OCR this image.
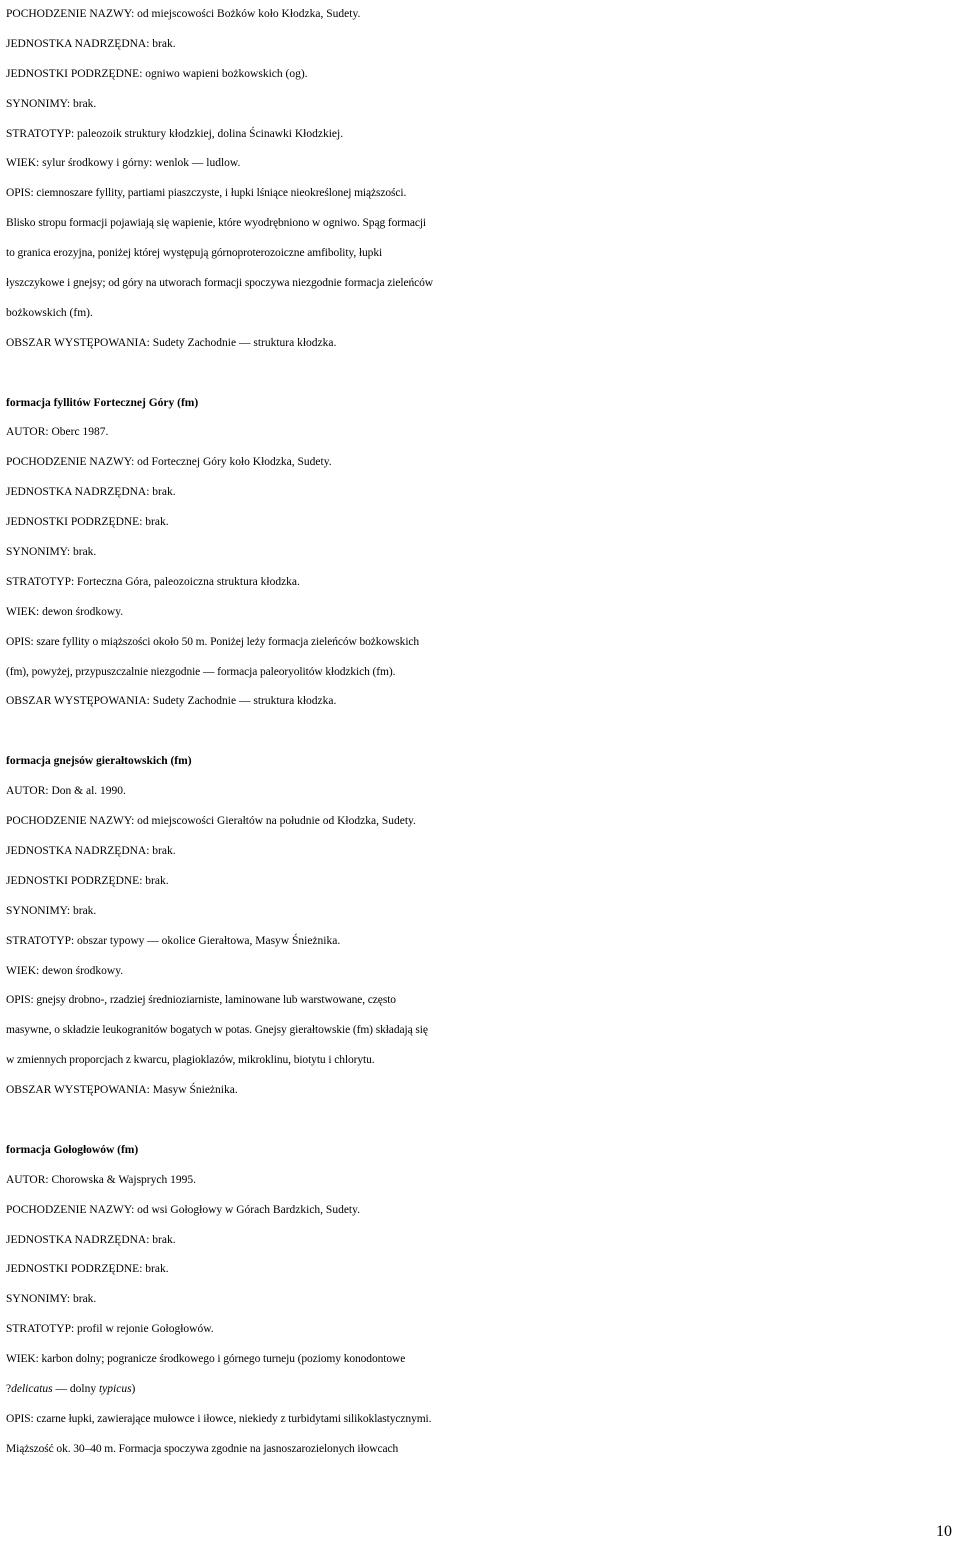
POCHODZENIE NAZWY: od miejscowości Bożków koło Kłodzka, Sudety.
JEDNOSTKA NADRZĘDNA: brak.
JEDNOSTKI PODRZĘDNE: ogniwo wapieni bożkowskich (og).
SYNONIMY: brak.
STRATOTYP: paleozoik struktury kłodzkiej, dolina Ścinawki Kłodzkiej.
WIEK: sylur środkowy i górny: wenlok — ludlow.
OPIS: ciemnoszare fyllity, partiami piaszczyste, i łupki lśniące nieokreślonej miąższości.
Blisko stropu formacji pojawiają się wapienie, które wyodrębniono w ogniwo. Spąg formacji
to granica erozyjna, poniżej której występują górnoproterozoiczne amfibolity, łupki
łyszczykowe i gnejsy; od góry na utworach formacji spoczywa niezgodnie formacja zieleńców
bożkowskich (fm).
OBSZAR WYSTĘPOWANIA: Sudety Zachodnie — struktura kłodzka.
formacja fyllitów Fortecznej Góry (fm)
AUTOR: Oberc 1987.
POCHODZENIE NAZWY: od Fortecznej Góry koło Kłodzka, Sudety.
JEDNOSTKA NADRZĘDNA: brak.
JEDNOSTKI PODRZĘDNE: brak.
SYNONIMY: brak.
STRATOTYP: Forteczna Góra, paleozoiczna struktura kłodzka.
WIEK: dewon środkowy.
OPIS: szare fyllity o miąższości około 50 m. Poniżej leży formacja zieleńców bożkowskich
(fm), powyżej, przypuszczalnie niezgodnie — formacja paleoryolitów kłodzkich (fm).
OBSZAR WYSTĘPOWANIA: Sudety Zachodnie — struktura kłodzka.
formacja gnejsów gierałtowskich (fm)
AUTOR: Don & al. 1990.
POCHODZENIE NAZWY: od miejscowości Gierałtów na południe od Kłodzka, Sudety.
JEDNOSTKA NADRZĘDNA: brak.
JEDNOSTKI PODRZĘDNE: brak.
SYNONIMY: brak.
STRATOTYP: obszar typowy — okolice Gierałtowa, Masyw Śnieżnika.
WIEK: dewon środkowy.
OPIS: gnejsy drobno-, rzadziej średnioziarniste, laminowane lub warstwowane, często
masywne, o składzie leukogranitów bogatych w potas. Gnejsy gierałtowskie (fm) składają się
w zmiennych proporcjach z kwarcu, plagioklazów, mikroklinu, biotytu i chlorytu.
OBSZAR WYSTĘPOWANIA: Masyw Śnieżnika.
formacja Gołogłowów (fm)
AUTOR: Chorowska & Wajsprych 1995.
POCHODZENIE NAZWY: od wsi Gołogłowy w Górach Bardzkich, Sudety.
JEDNOSTKA NADRZĘDNA: brak.
JEDNOSTKI PODRZĘDNE: brak.
SYNONIMY: brak.
STRATOTYP: profil w rejonie Gołogłowów.
WIEK: karbon dolny; pogranicze środkowego i górnego turneju (poziomy konodontowe
?delicatus — dolny typicus)
OPIS: czarne łupki, zawierające mułowce i iłowce, niekiedy z turbidytami silikoklastycznymi.
Miąższość ok. 30–40 m. Formacja spoczywa zgodnie na jasnoszarozielonych iłowcach
10
